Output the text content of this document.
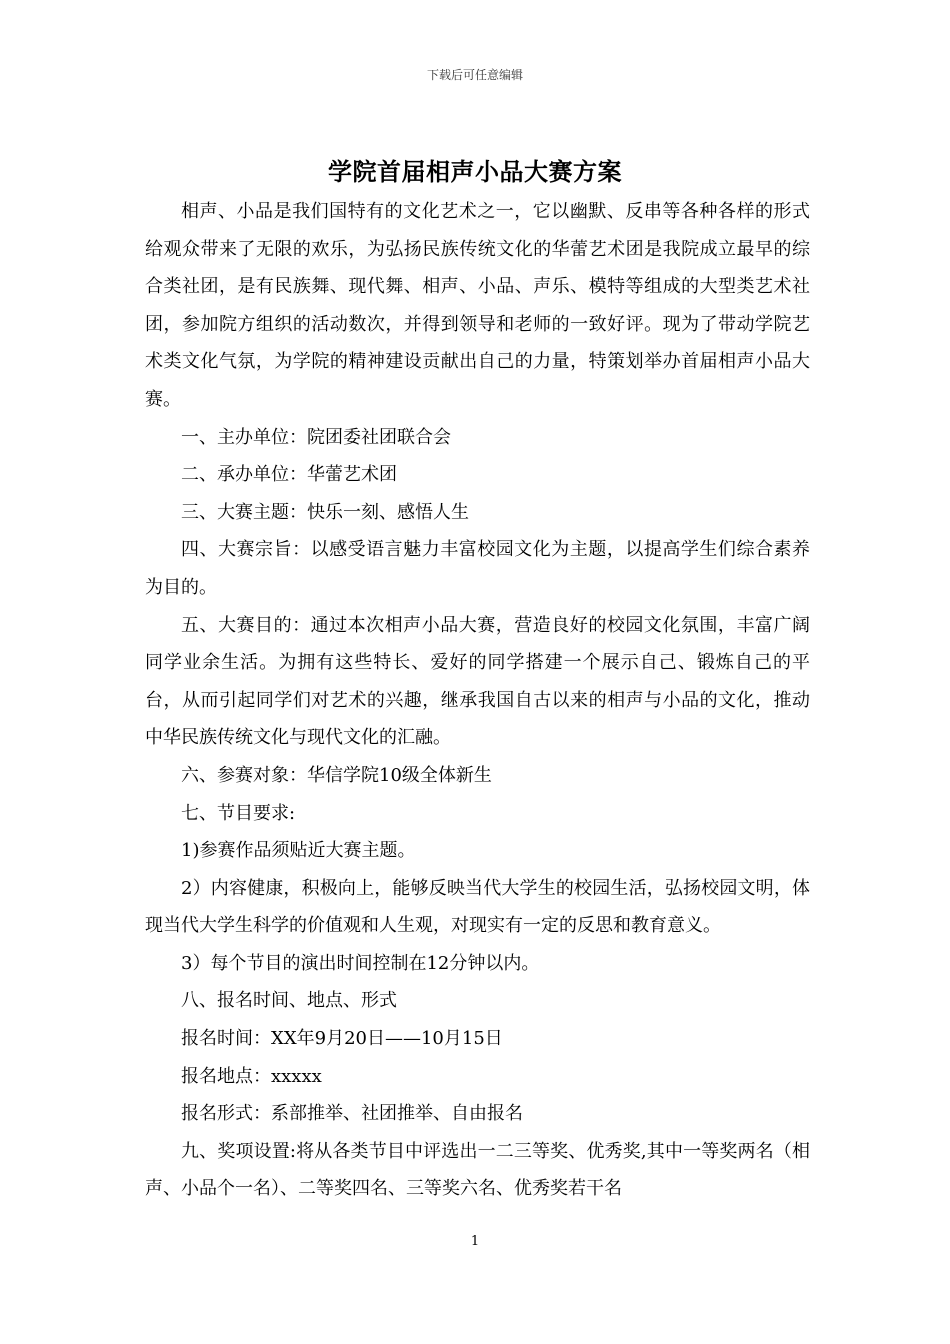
下载后可任意编辑
学院首届相声小品大赛方案

相声、小品是我们国特有的文化艺术之一，它以幽默、反串等各种各样的形式给观众带来了无限的欢乐，为弘扬民族传统文化的华蕾艺术团是我院成立最早的综合类社团，是有民族舞、现代舞、相声、小品、声乐、模特等组成的大型类艺术社团，参加院方组织的活动数次，并得到领导和老师的一致好评。现为了带动学院艺术类文化气氛，为学院的精神建设贡献出自己的力量，特策划举办首届相声小品大赛。

一、主办单位：院团委社团联合会

二、承办单位：华蕾艺术团

三、大赛主题：快乐一刻、感悟人生

四、大赛宗旨：以感受语言魅力丰富校园文化为主题，以提高学生们综合素养为目的。

五、大赛目的：通过本次相声小品大赛，营造良好的校园文化氛围，丰富广阔同学业余生活。为拥有这些特长、爱好的同学搭建一个展示自己、锻炼自己的平台，从而引起同学们对艺术的兴趣，继承我国自古以来的相声与小品的文化，推动中华民族传统文化与现代文化的汇融。

六、参赛对象：华信学院10级全体新生

七、节目要求:

1)参赛作品须贴近大赛主题。

2）内容健康，积极向上，能够反映当代大学生的校园生活，弘扬校园文明，体现当代大学生科学的价值观和人生观，对现实有一定的反思和教育意义。

3）每个节目的演出时间控制在12分钟以内。

八、报名时间、地点、形式

报名时间：XX年9月20日——10月15日

报名地点：xxxxx

报名形式：系部推举、社团推举、自由报名

九、奖项设置:将从各类节目中评选出一二三等奖、优秀奖,其中一等奖两名（相声、小品个一名）、二等奖四名、三等奖六名、优秀奖若干名

1
